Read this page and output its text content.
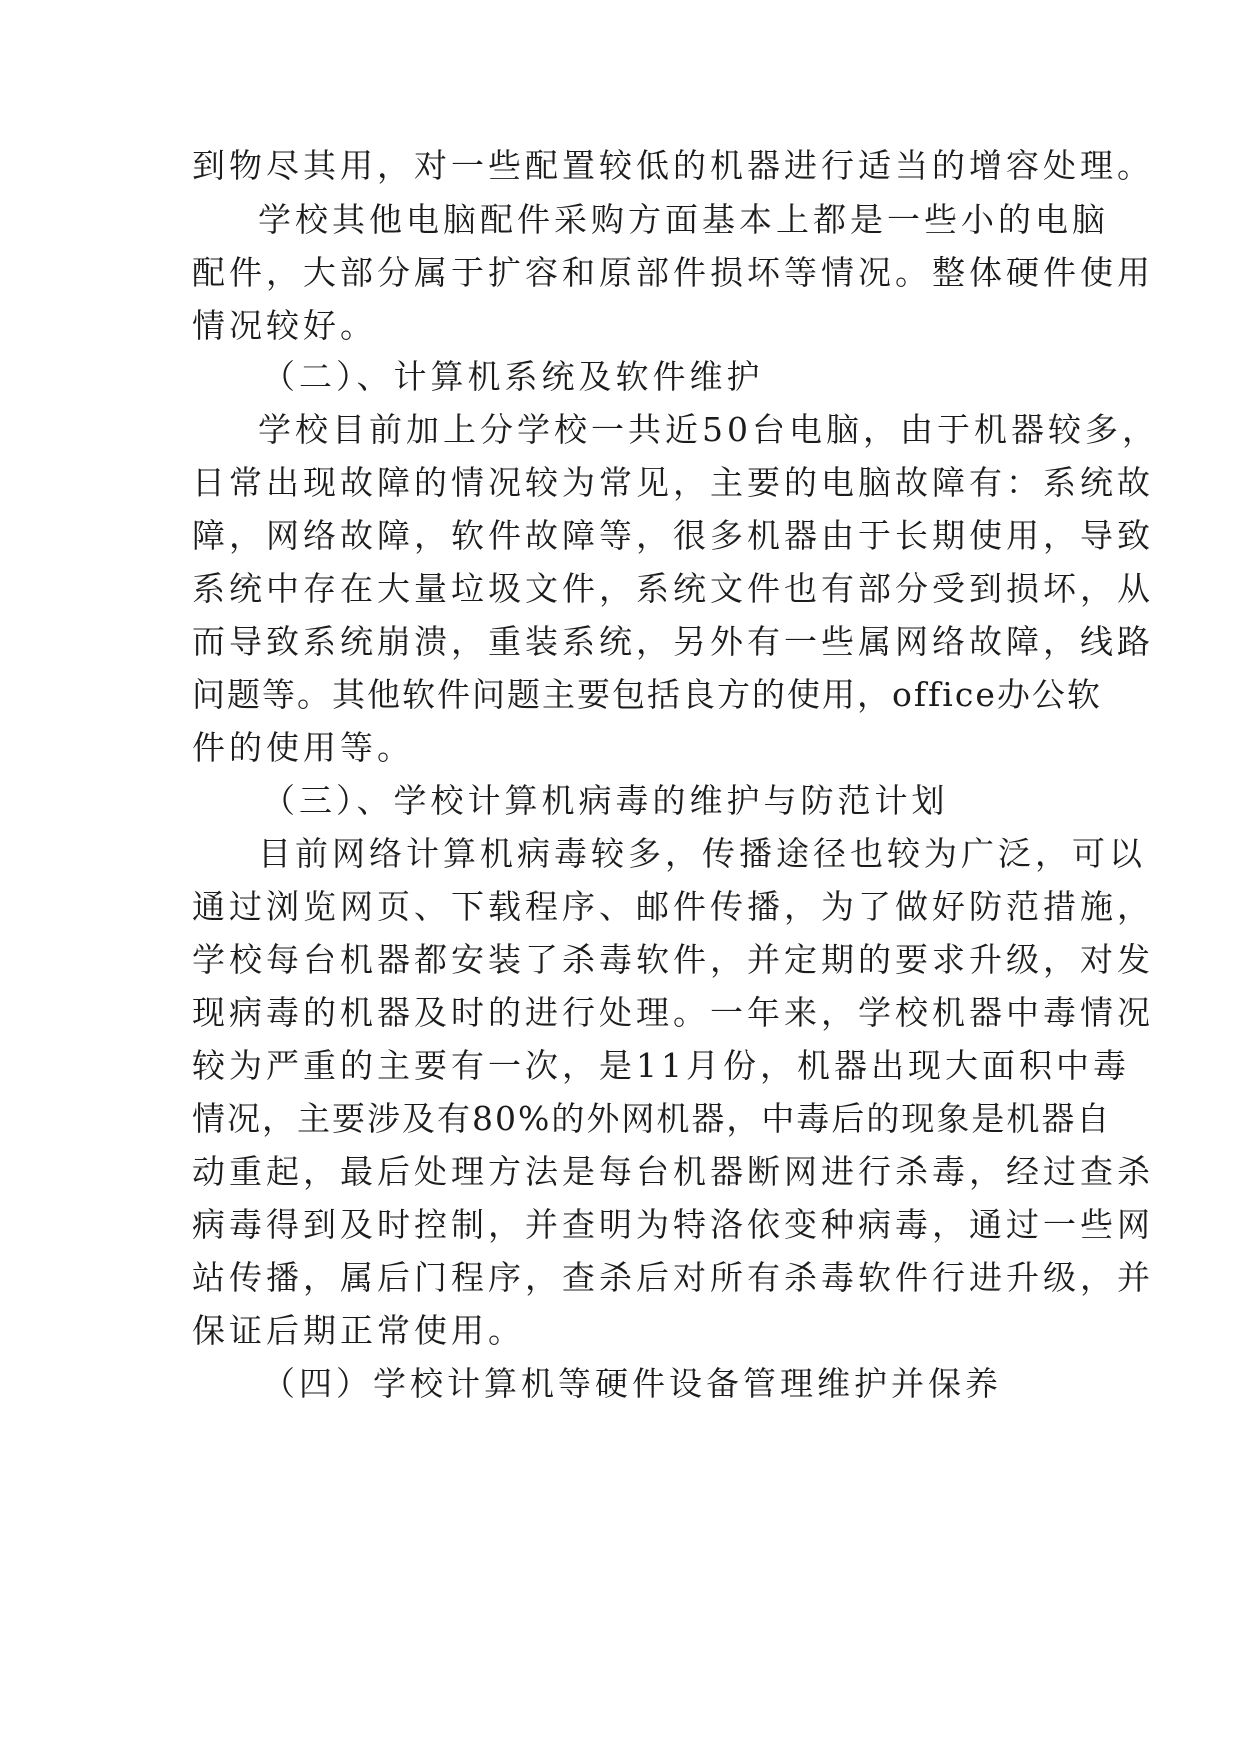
到物尽其用，对一些配置较低的机器进行适当的增容处理。
学校其他电脑配件采购方面基本上都是一些小的电脑
配件，大部分属于扩容和原部件损坏等情况。整体硬件使用
情况较好。
（二）、计算机系统及软件维护
学校目前加上分学校一共近50台电脑，由于机器较多，
日常出现故障的情况较为常见，主要的电脑故障有：系统故
障，网络故障，软件故障等，很多机器由于长期使用，导致
系统中存在大量垃圾文件，系统文件也有部分受到损坏，从
而导致系统崩溃，重装系统，另外有一些属网络故障，线路
问题等。其他软件问题主要包括良方的使用，office办公软
件的使用等。
（三）、学校计算机病毒的维护与防范计划
目前网络计算机病毒较多，传播途径也较为广泛，可以
通过浏览网页、下载程序、邮件传播，为了做好防范措施，
学校每台机器都安装了杀毒软件，并定期的要求升级，对发
现病毒的机器及时的进行处理。一年来，学校机器中毒情况
较为严重的主要有一次，是11月份，机器出现大面积中毒
情况，主要涉及有80%的外网机器，中毒后的现象是机器自
动重起，最后处理方法是每台机器断网进行杀毒，经过查杀
病毒得到及时控制，并查明为特洛依变种病毒，通过一些网
站传播，属后门程序，查杀后对所有杀毒软件行进升级，并
保证后期正常使用。
（四）学校计算机等硬件设备管理维护并保养
